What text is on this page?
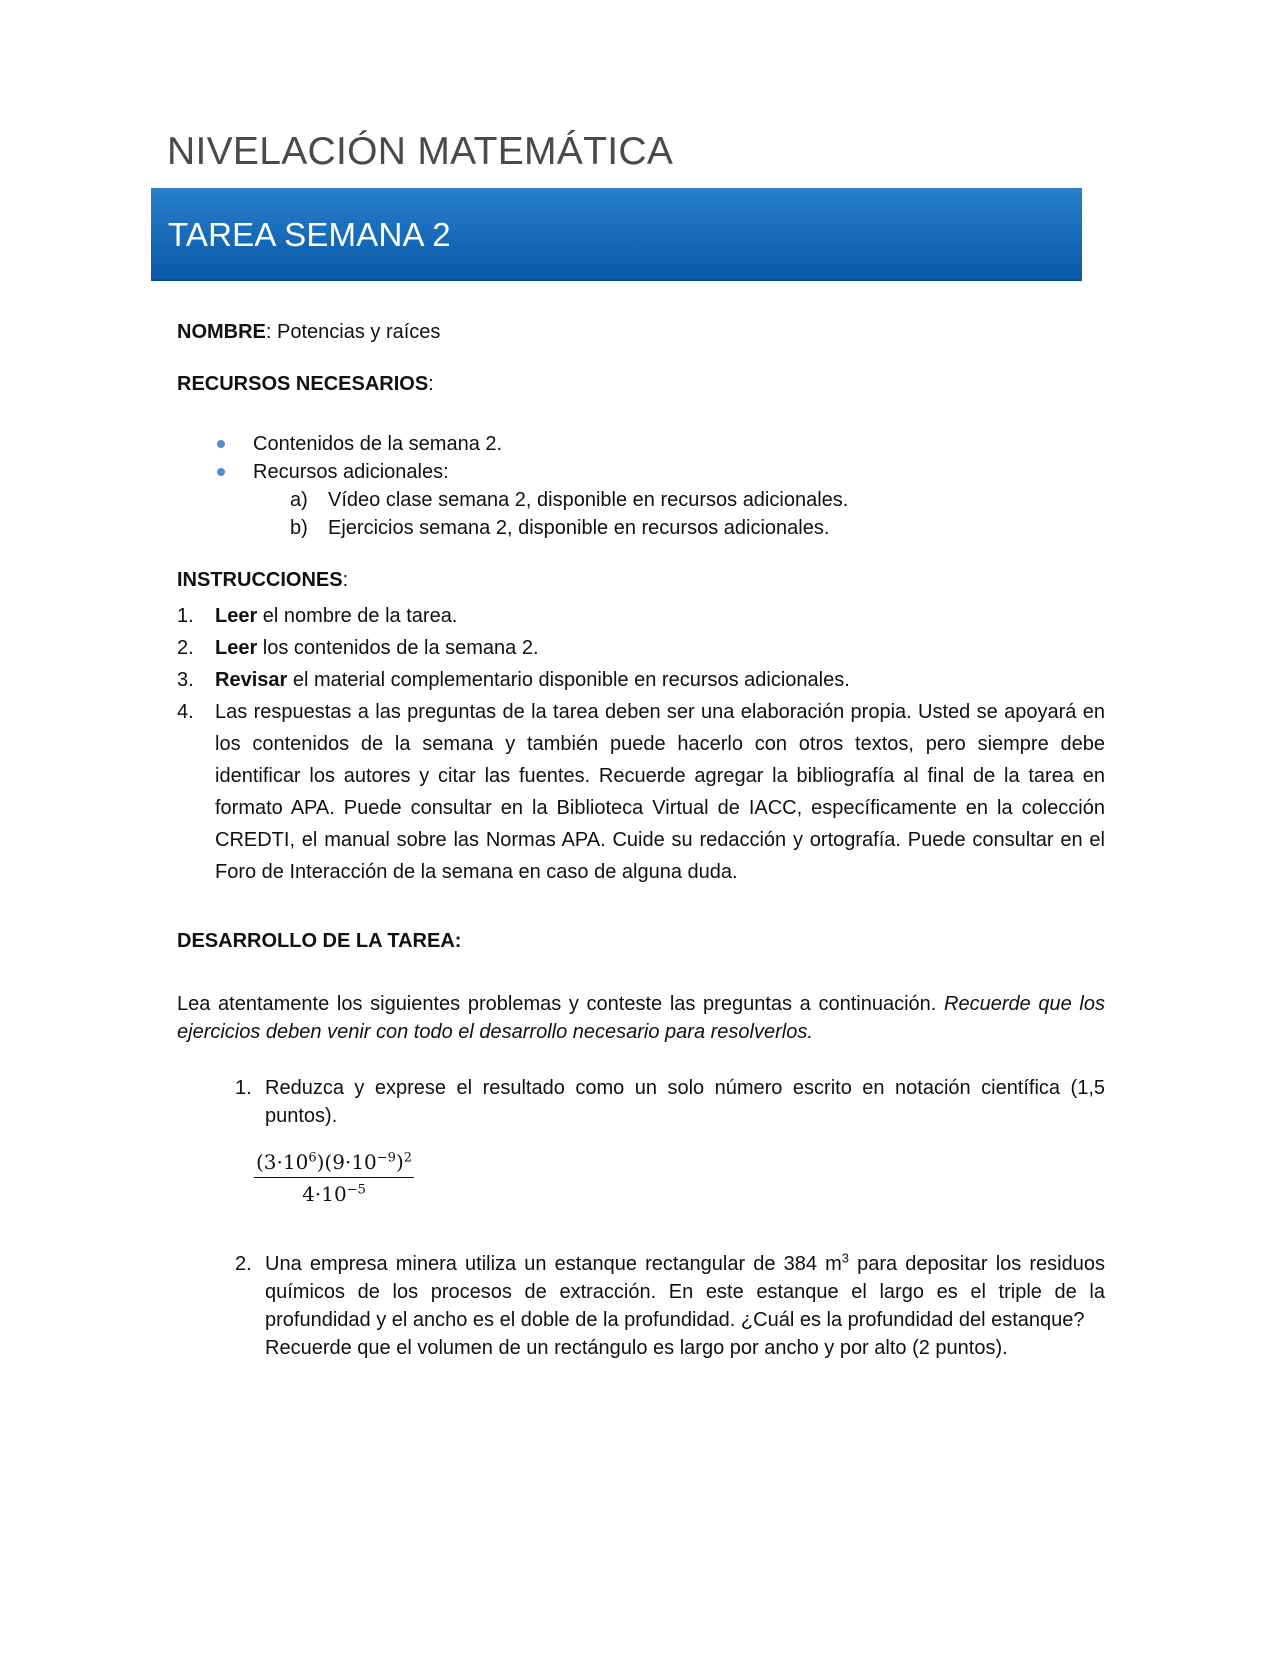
NIVELACIÓN MATEMÁTICA
TAREA SEMANA 2

NOMBRE: Potencias y raíces

RECURSOS NECESARIOS:

Contenidos de la semana 2.
Recursos adicionales:
a) Vídeo clase semana 2, disponible en recursos adicionales.
b) Ejercicios semana 2, disponible en recursos adicionales.

INSTRUCCIONES:

1. Leer el nombre de la tarea.
2. Leer los contenidos de la semana 2.
3. Revisar el material complementario disponible en recursos adicionales.
4. Las respuestas a las preguntas de la tarea deben ser una elaboración propia. Usted se apoyará en los contenidos de la semana y también puede hacerlo con otros textos, pero siempre debe identificar los autores y citar las fuentes. Recuerde agregar la bibliografía al final de la tarea en formato APA. Puede consultar en la Biblioteca Virtual de IACC, específicamente en la colección CREDTI, el manual sobre las Normas APA. Cuide su redacción y ortografía. Puede consultar en el Foro de Interacción de la semana en caso de alguna duda.

DESARROLLO DE LA TAREA:

Lea atentamente los siguientes problemas y conteste las preguntas a continuación. Recuerde que los ejercicios deben venir con todo el desarrollo necesario para resolverlos.

1. Reduzca y exprese el resultado como un solo número escrito en notación científica (1,5 puntos).
2. Una empresa minera utiliza un estanque rectangular de 384 $m^3$ para depositar los residuos químicos de los procesos de extracción. En este estanque el largo es el triple de la profundidad y el ancho es el doble de la profundidad. ¿Cuál es la profundidad del estanque?
Recuerde que el volumen de un rectángulo es largo por ancho y por alto (2 puntos).
$\frac{(3\cdot 10^6)(9\cdot 10^{-9})^2}{4\cdot 10^{-5}}$
